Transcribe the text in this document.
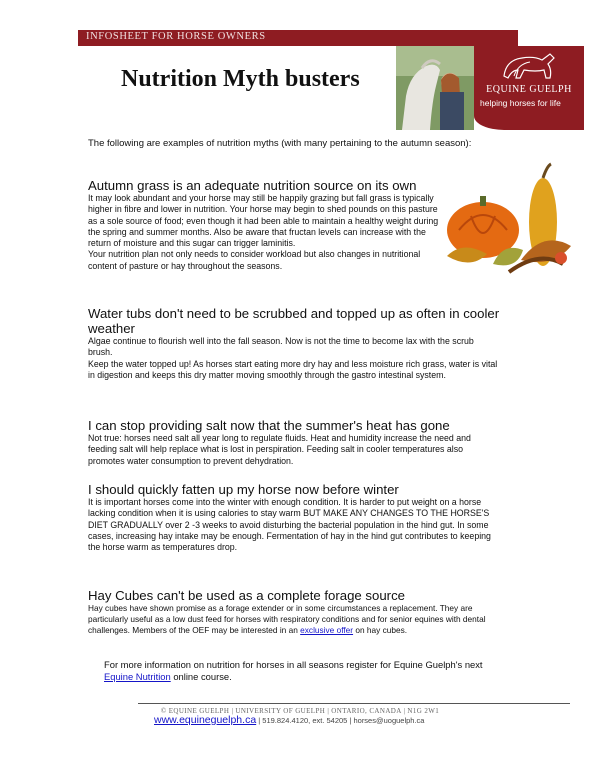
INFOSHEET FOR HORSE OWNERS
Nutrition Myth busters	EQUINE GUELPH
helping horses for life

The following are examples of nutrition myths (with many pertaining to the autumn season):

Autumn grass is an adequate nutrition source on its own

It may look abundant and your horse may still be happily grazing but fall grass is typically higher in fibre and lower in nutrition. Your horse may begin to shed pounds on this pasture as a sole source of food; even though it had been able to maintain a healthy weight during the spring and summer months. Also be aware that fructan levels can increase with the return of moisture and this sugar can trigger laminitis.

Your nutrition plan not only needs to consider workload but also changes in nutritional content of pasture or hay throughout the seasons.

Water tubs don't need to be scrubbed and topped up as often in cooler weather

Algae continue to flourish well into the fall season. Now is not the time to become lax with the scrub brush.

Keep the water topped up! As horses start eating more dry hay and less moisture rich grass, water is vital in digestion and keeps this dry matter moving smoothly through the gastro intestinal system.

I can stop providing salt now that the summer's heat has gone

Not true: horses need salt all year long to regulate fluids. Heat and humidity increase the need and feeding salt will help replace what is lost in perspiration. Feeding salt in cooler temperatures also promotes water consumption to prevent dehydration.

I should quickly fatten up my horse now before winter

It is important horses come into the winter with enough condition. It is harder to put weight on a horse lacking condition when it is using calories to stay warm BUT MAKE ANY CHANGES TO THE HORSE'S DIET GRADUALLY over 2 -3 weeks to avoid disturbing the bacterial population in the hind gut. In some cases, increasing hay intake may be enough. Fermentation of hay in the hind gut contributes to keeping the horse warm as temperatures drop.

Hay Cubes can't be used as a complete forage source

Hay cubes have shown promise as a forage extender or in some circumstances a replacement. They are particularly useful as a low dust feed for horses with respiratory conditions and for senior equines with dental challenges. Members of the OEF may be interested in an exclusive offer on hay cubes.

For more information on nutrition for horses in all seasons register for Equine Guelph's next Equine Nutrition online course.

© EQUINE GUELPH | UNIVERSITY OF GUELPH | ONTARIO, CANADA | N1G 2W1
www.equineguelph.ca | 519.824.4120, ext. 54205 | horses@uoguelph.ca
